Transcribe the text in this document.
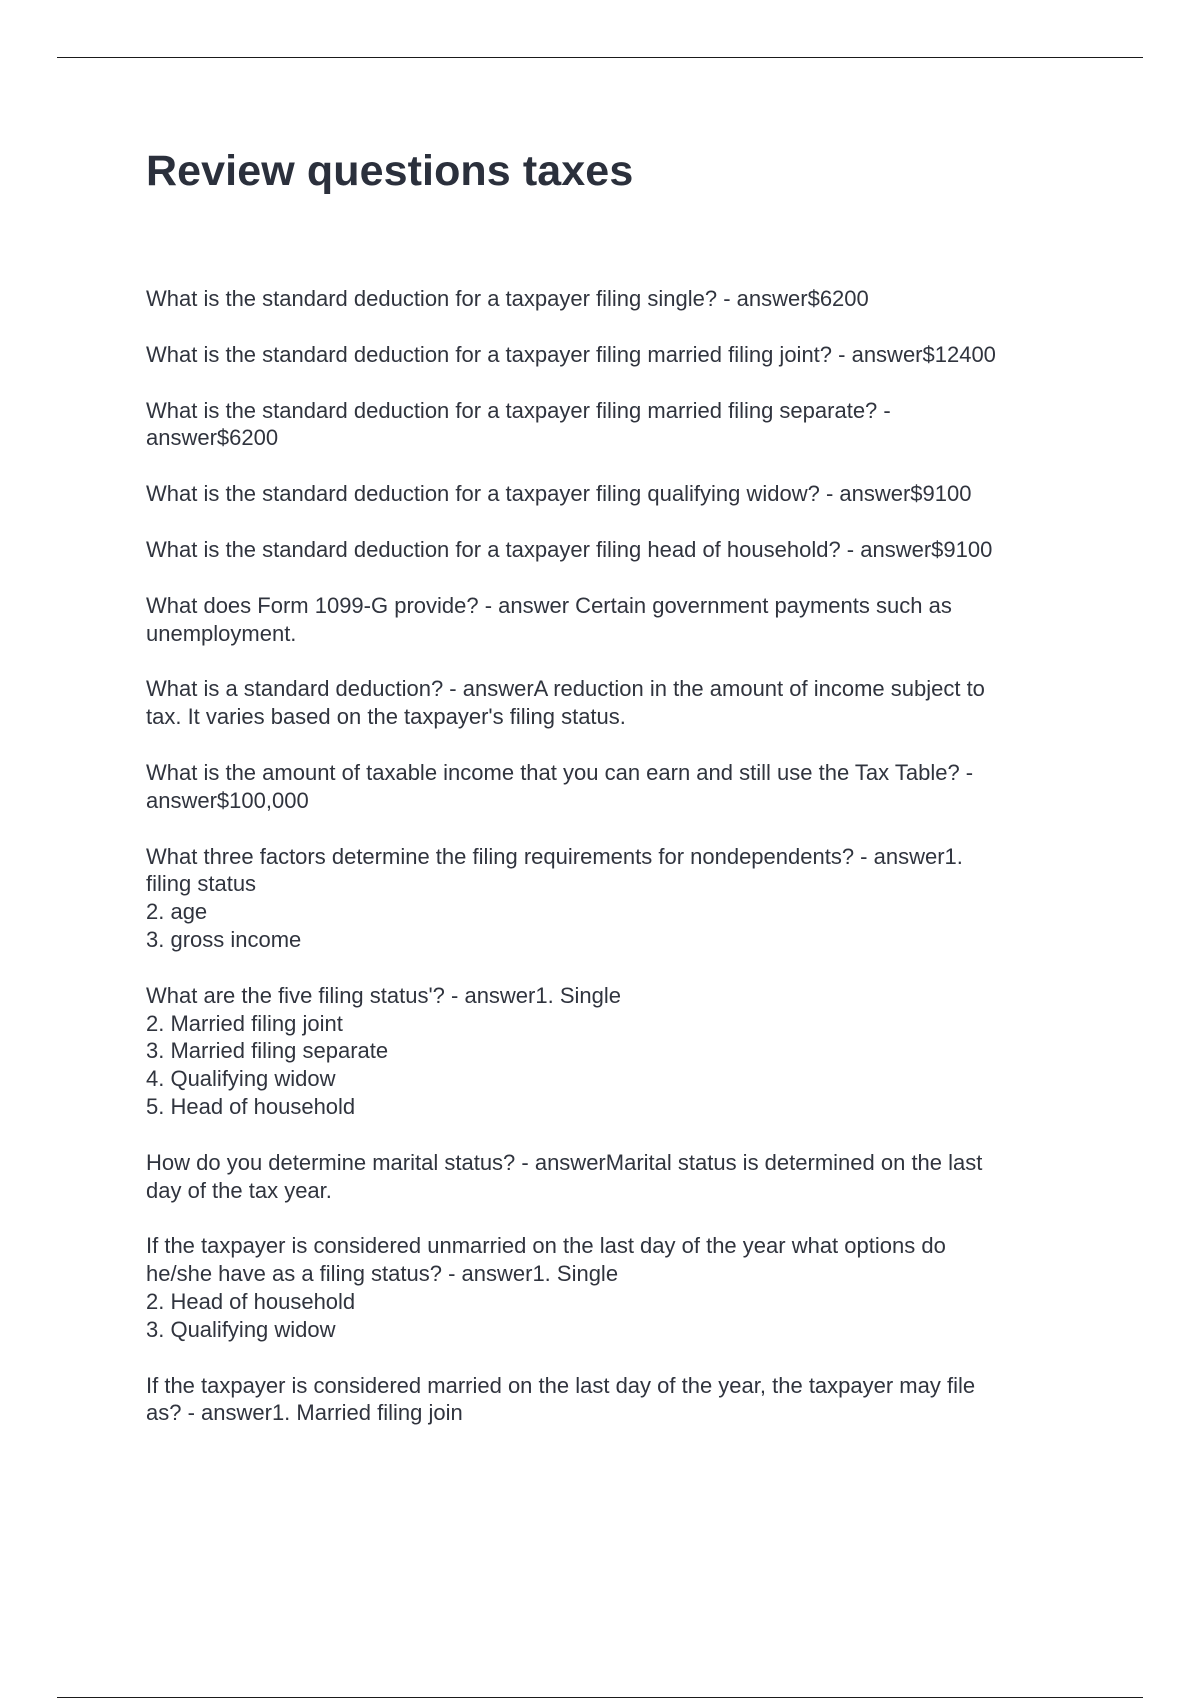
Review questions taxes
What is the standard deduction for a taxpayer filing single? - answer$6200
What is the standard deduction for a taxpayer filing married filing joint? - answer$12400
What is the standard deduction for a taxpayer filing married filing separate? -
answer$6200
What is the standard deduction for a taxpayer filing qualifying widow? - answer$9100
What is the standard deduction for a taxpayer filing head of household? - answer$9100
What does Form 1099-G provide? - answer Certain government payments such as
unemployment.
What is a standard deduction? - answerA reduction in the amount of income subject to
tax. It varies based on the taxpayer's filing status.
What is the amount of taxable income that you can earn and still use the Tax Table? -
answer$100,000
What three factors determine the filing requirements for nondependents? - answer1.
filing status
2. age
3. gross income
What are the five filing status'? - answer1. Single
2. Married filing joint
3. Married filing separate
4. Qualifying widow
5. Head of household
How do you determine marital status? - answerMarital status is determined on the last
day of the tax year.
If the taxpayer is considered unmarried on the last day of the year what options do
he/she have as a filing status? - answer1. Single
2. Head of household
3. Qualifying widow
If the taxpayer is considered married on the last day of the year, the taxpayer may file
as? - answer1. Married filing join
